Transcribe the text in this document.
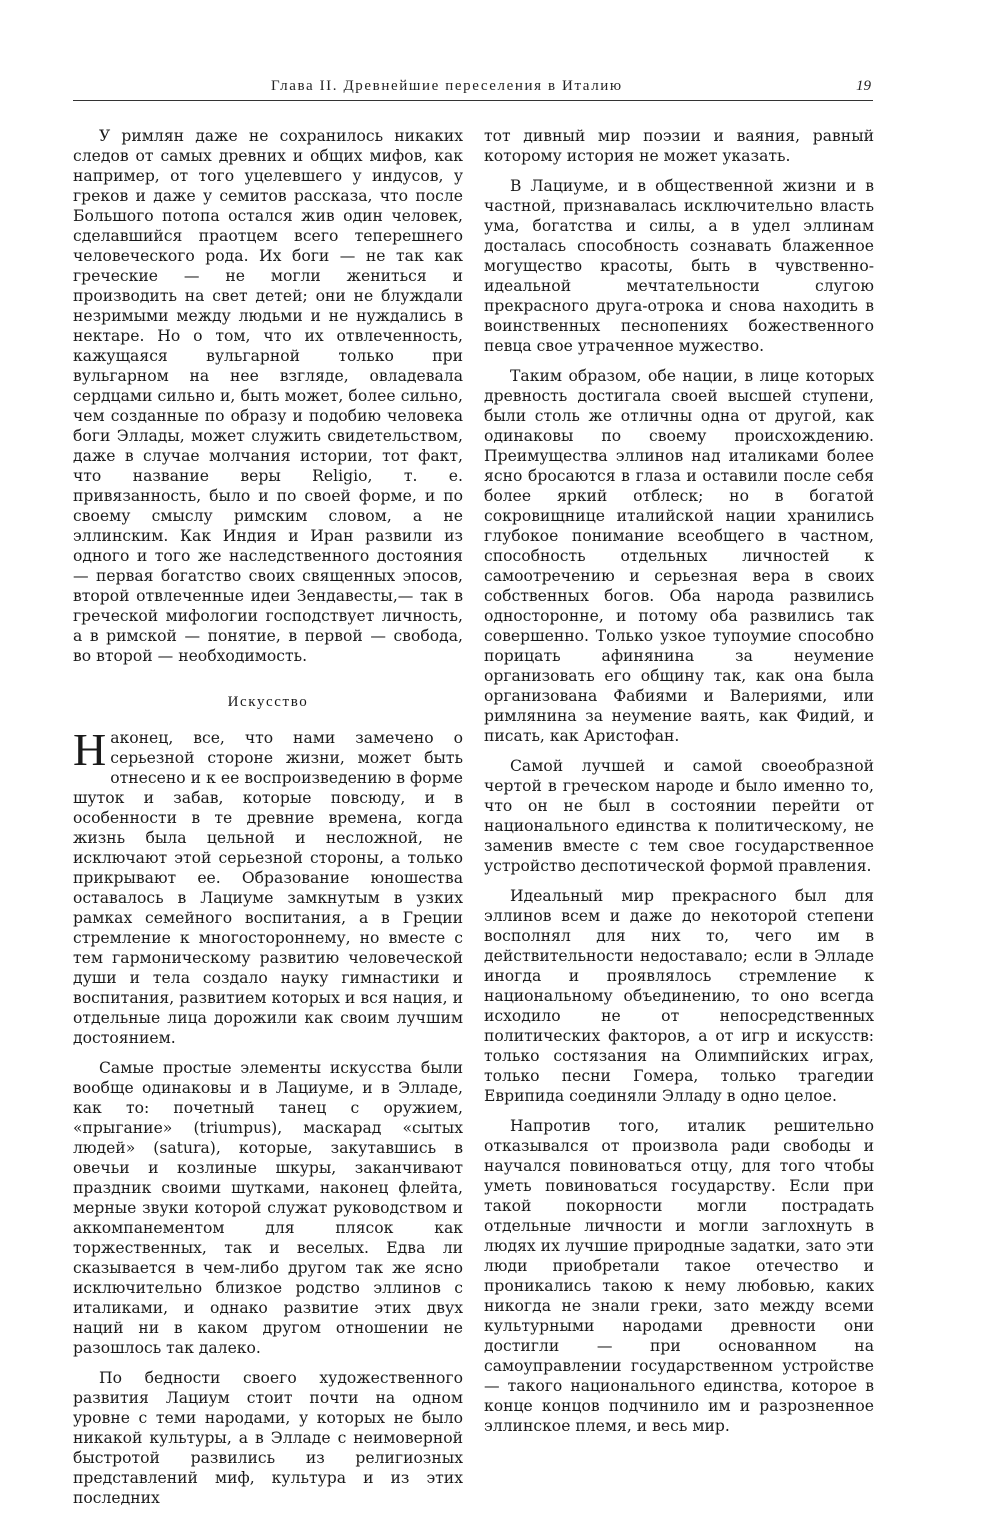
Глава II. Древнейшие переселения в Италию	19

У римлян даже не сохранилось никаких следов от самых древних и общих мифов, как например, от того уцелевшего у индусов, у греков и даже у семитов рассказа, что после Большого потопа остался жив один человек, сделавшийся праотцем всего теперешнего человеческого рода. Их боги — не так как греческие — не могли жениться и производить на свет детей; они не блуждали незримыми между людьми и не нуждались в нектаре. Но о том, что их отвлеченность, кажущаяся вульгарной только при вульгарном на нее взгляде, овладевала сердцами сильно и, быть может, более сильно, чем созданные по образу и подобию человека боги Эллады, может служить свидетельством, даже в случае молчания истории, тот факт, что название веры Religio, т. е. привязанность, было и по своей форме, и по своему смыслу римским словом, а не эллинским. Как Индия и Иран развили из одного и того же наследственного достояния — первая богатство своих священных эпосов, второй отвлеченные идеи Зендавесты,— так в греческой мифологии господствует личность, а в римской — понятие, в первой — свобода, во второй — необходимость.

Искусство

Наконец, все, что нами замечено о серьезной стороне жизни, может быть отнесено и к ее воспроизведению в форме шуток и забав, которые повсюду, и в особенности в те древние времена, когда жизнь была цельной и несложной, не исключают этой серьезной стороны, а только прикрывают ее. Образование юношества оставалось в Лациуме замкнутым в узких рамках семейного воспитания, а в Греции стремление к многостороннему, но вместе с тем гармоническому развитию человеческой души и тела создало науку гимнастики и воспитания, развитием которых и вся нация, и отдельные лица дорожили как своим лучшим достоянием.

Самые простые элементы искусства были вообще одинаковы и в Лациуме, и в Элладе, как то: почетный танец с оружием, «прыгание» (triumpus), маскарад «сытых людей» (satura), которые, закутавшись в овечьи и козлиные шкуры, заканчивают праздник своими шутками, наконец флейта, мерные звуки которой служат руководством и аккомпанементом для плясок как торжественных, так и веселых. Едва ли сказывается в чем-либо другом так же ясно исключительно близкое родство эллинов с италиками, и однако развитие этих двух наций ни в каком другом отношении не разошлось так далеко.

По бедности своего художественного развития Лациум стоит почти на одном уровне с теми народами, у которых не было никакой культуры, а в Элладе с неимоверной быстротой развились из религиозных представлений миф, культура и из этих последних

тот дивный мир поэзии и ваяния, равный которому история не может указать.

В Лациуме, и в общественной жизни и в частной, признавалась исключительно власть ума, богатства и силы, а в удел эллинам досталась способность сознавать блаженное могущество красоты, быть в чувственно-идеальной мечтательности слугою прекрасного друга-отрока и снова находить в воинственных песнопениях божественного певца свое утраченное мужество.

Таким образом, обе нации, в лице которых древность достигала своей высшей ступени, были столь же отличны одна от другой, как одинаковы по своему происхождению. Преимущества эллинов над италиками более ясно бросаются в глаза и оставили после себя более яркий отблеск; но в богатой сокровищнице италийской нации хранились глубокое понимание всеобщего в частном, способность отдельных личностей к самоотречению и серьезная вера в своих собственных богов. Оба народа развились односторонне, и потому оба развились так совершенно. Только узкое тупоумие способно порицать афинянина за неумение организовать его общину так, как она была организована Фабиями и Валериями, или римлянина за неумение ваять, как Фидий, и писать, как Аристофан.

Самой лучшей и самой своеобразной чертой в греческом народе и было именно то, что он не был в состоянии перейти от национального единства к политическому, не заменив вместе с тем свое государственное устройство деспотической формой правления.

Идеальный мир прекрасного был для эллинов всем и даже до некоторой степени восполнял для них то, чего им в действительности недоставало; если в Элладе иногда и проявлялось стремление к национальному объединению, то оно всегда исходило не от непосредственных политических факторов, а от игр и искусств: только состязания на Олимпийских играх, только песни Гомера, только трагедии Еврипида соединяли Элладу в одно целое.

Напротив того, италик решительно отказывался от произвола ради свободы и научался повиноваться отцу, для того чтобы уметь повиноваться государству. Если при такой покорности могли пострадать отдельные личности и могли заглохнуть в людях их лучшие природные задатки, зато эти люди приобретали такое отечество и проникались такою к нему любовью, каких никогда не знали греки, зато между всеми культурными народами древности они достигли — при основанном на самоуправлении государственном устройстве — такого национального единства, которое в конце концов подчинило им и разрозненное эллинское племя, и весь мир.
